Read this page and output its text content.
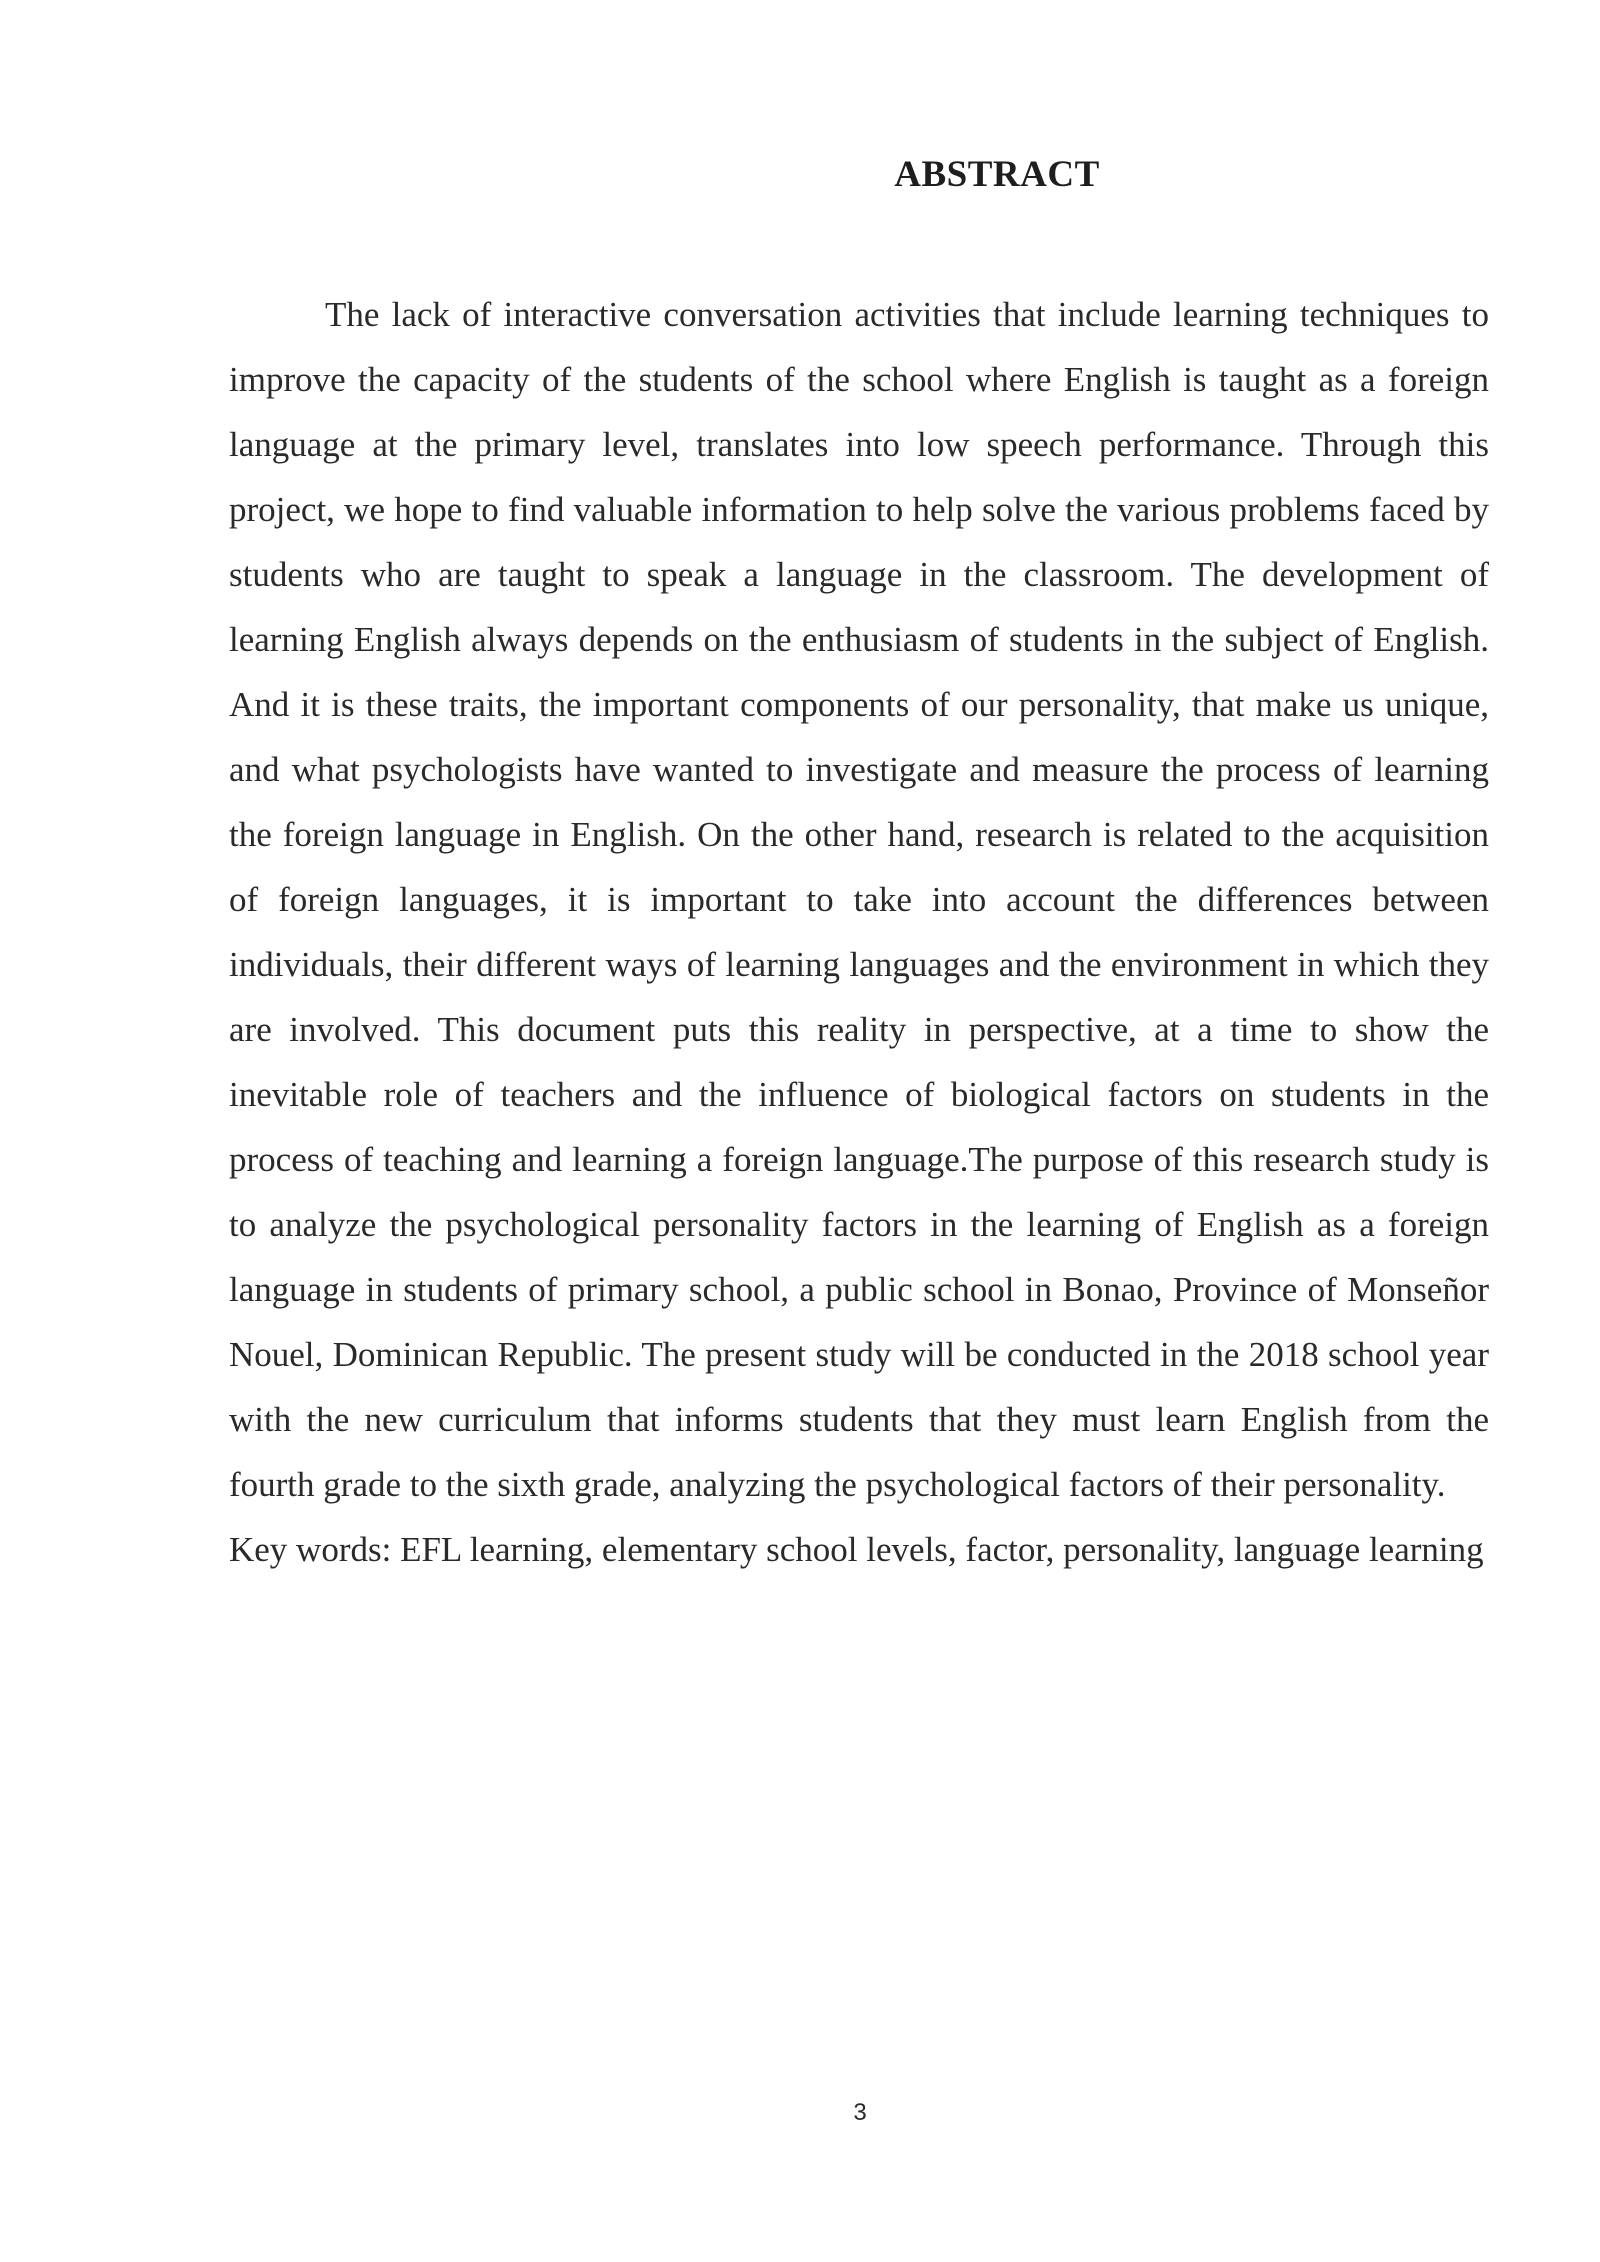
ABSTRACT

The lack of interactive conversation activities that include learning techniques to improve the capacity of the students of the school where English is taught as a foreign language at the primary level, translates into low speech performance. Through this project, we hope to find valuable information to help solve the various problems faced by students who are taught to speak a language in the classroom. The development of learning English always depends on the enthusiasm of students in the subject of English. And it is these traits, the important components of our personality, that make us unique, and what psychologists have wanted to investigate and measure the process of learning the foreign language in English. On the other hand, research is related to the acquisition of foreign languages, it is important to take into account the differences between individuals, their different ways of learning languages and the environment in which they are involved. This document puts this reality in perspective, at a time to show the inevitable role of teachers and the influence of biological factors on students in the process of teaching and learning a foreign language.The purpose of this research study is to analyze the psychological personality factors in the learning of English as a foreign language in students of primary school, a public school in Bonao, Province of Monseñor Nouel, Dominican Republic. The present study will be conducted in the 2018 school year with the new curriculum that informs students that they must learn English from the fourth grade to the sixth grade, analyzing the psychological factors of their personality.

Key words: EFL learning, elementary school levels, factor, personality, language learning

3
